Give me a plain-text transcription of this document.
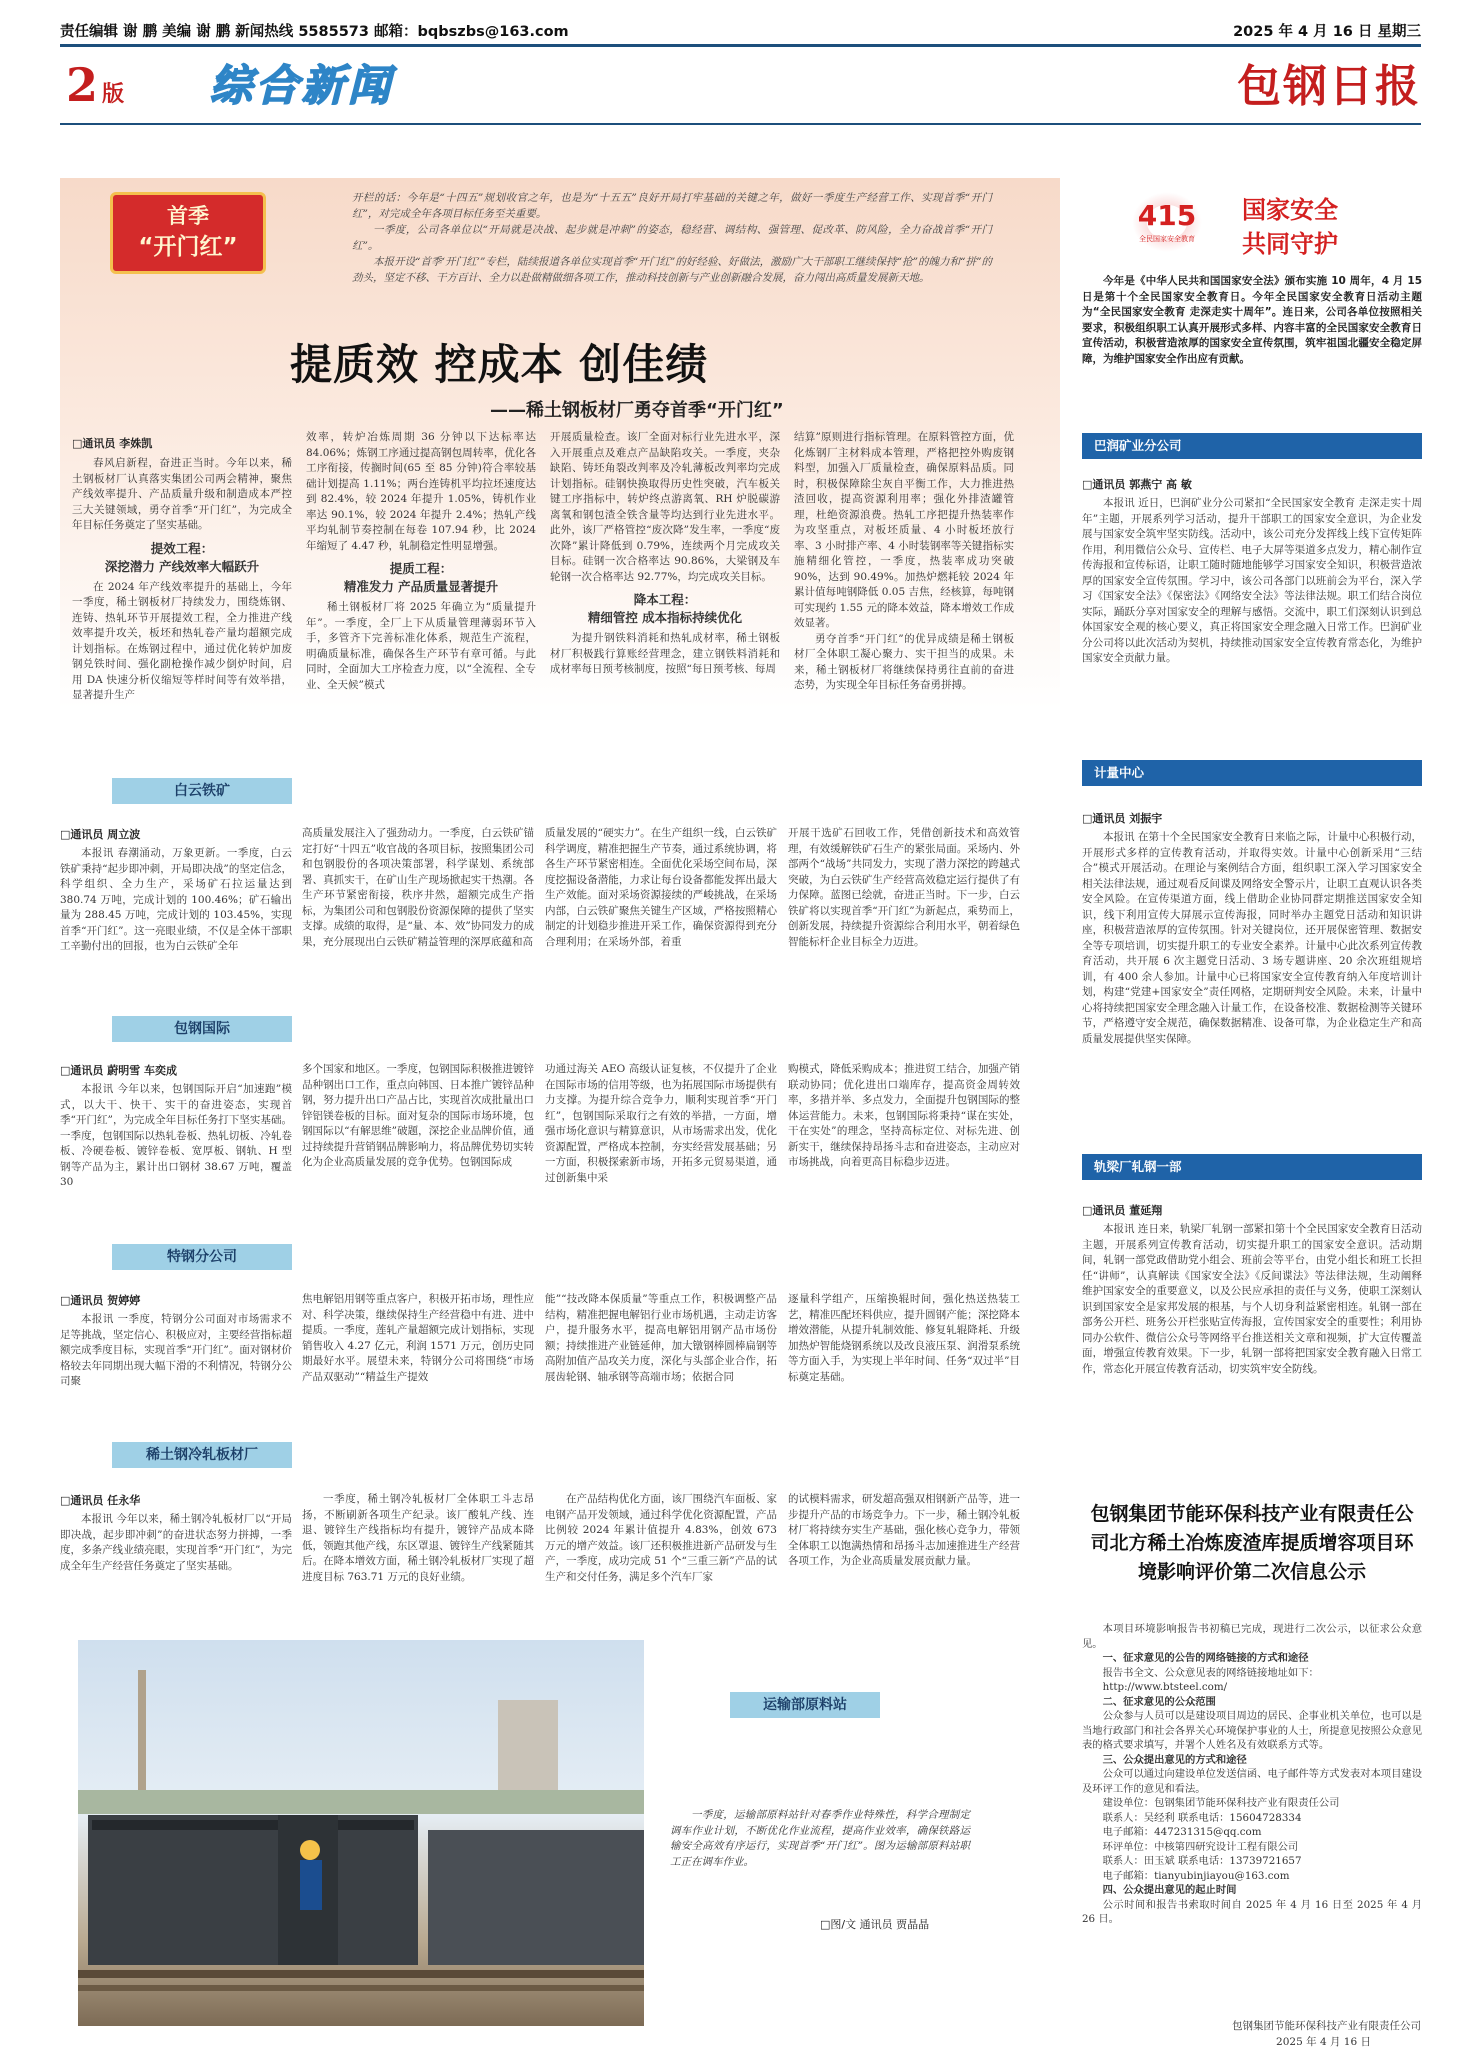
责任编辑 谢 鹏 美编 谢 鹏 新闻热线 5585573 邮箱：bqbszbs@163.com	2025 年 4 月 16 日 星期三
2 版 综合新闻	包钢日报
首季
“开门红”

开栏的话：今年是“十四五”规划收官之年，也是为“十五五”良好开局打牢基础的关键之年，做好一季度生产经营工作、实现首季“开门红”，对完成全年各项目标任务至关重要。

一季度，公司各单位以“开局就是决战、起步就是冲刺”的姿态，稳经营、调结构、强管理、促改革、防风险，全力奋战首季“开门红”。

本报开设“首季‘开门红’”专栏，陆续报道各单位实现首季“开门红”的好经验、好做法，激励广大干部职工继续保持“抢”的魄力和“拼”的劲头，坚定不移、干方百计、全力以赴做精做细各项工作，推动科技创新与产业创新融合发展，奋力闯出高质量发展新天地。

提质效 控成本 创佳绩
——稀土钢板材厂勇夺首季“开门红”
□通讯员 李姝凯

春风启新程，奋进正当时。今年以来，稀土钢板材厂认真落实集团公司两会精神，聚焦产线效率提升、产品质量升级和制造成本严控三大关键领域，勇夺首季“开门红”，为完成全年目标任务奠定了坚实基础。

提效工程：
深挖潜力 产线效率大幅跃升

在 2024 年产线效率提升的基础上，今年一季度，稀土钢板材厂持续发力，围绕炼钢、连铸、热轧环节开展提效工程，全力推进产线效率提升攻关，板坯和热轧卷产量均超额完成计划指标。在炼钢过程中，通过优化转炉加废钢兑铁时间、强化副枪操作减少倒炉时间，启用 DA 快速分析仪缩短等样时间等有效举措，显著提升生产

效率，转炉冶炼周期 36 分钟以下达标率达 84.06%；炼钢工序通过提高钢包周转率，优化各工序衔接，传搁时间(65 至 85 分钟)符合率较基础计划提高 1.11%；两台连铸机平均拉坯速度达到 82.4%，较 2024 年提升 1.05%，铸机作业率达 90.1%，较 2024 年提升 2.4%；热轧产线平均轧制节奏控制在每卷 107.94 秒，比 2024 年缩短了 4.47 秒，轧制稳定性明显增强。

提质工程：
精准发力 产品质量显著提升

稀土钢板材厂将 2025 年确立为“质量提升年”。一季度，全厂上下从质量管理薄弱环节入手，多管齐下完善标准化体系，规范生产流程，明确质量标准，确保各生产环节有章可循。与此同时，全面加大工序检查力度，以“全流程、全专业、全天候”模式

开展质量检查。该厂全面对标行业先进水平，深入开展重点及难点产品缺陷攻关。一季度，夹杂缺陷、铸坯角裂改判率及冷轧薄板改判率均完成计划指标。硅钢快换取得历史性突破，汽车板关键工序指标中，转炉终点游离氧、RH 炉脱碳游离氧和钢包渣全铁含量等均达到行业先进水平。此外，该厂严格管控“废次降”发生率，一季度“废次降”累计降低到 0.79%，连续两个月完成攻关目标。硅钢一次合格率达 90.86%，大梁钢及车轮钢一次合格率达 92.77%，均完成攻关目标。

降本工程：
精细管控 成本指标持续优化

为提升钢铁料消耗和热轧成材率，稀土钢板材厂积极践行算账经营理念，建立钢铁料消耗和成材率每日预考核制度，按照“每日预考核、每周

结算”原则进行指标管理。在原料管控方面，优化炼钢厂主材料成本管理，严格把控外购废钢料型，加强入厂质量检查，确保原料品质。同时，积极保障除尘灰自平衡工作，大力推进热渣回收，提高资源利用率；强化外排渣罐管理，杜绝资源浪费。热轧工序把提升热装率作为攻坚重点，对板坯质量、4 小时板坯放行率、3 小时排产率、4 小时装钢率等关键指标实施精细化管控，一季度，热装率成功突破 90%，达到 90.49%。加热炉燃耗较 2024 年累计值每吨钢降低 0.05 吉焦，经核算，每吨钢可实现约 1.55 元的降本效益，降本增效工作成效显著。

勇夺首季“开门红”的优异成绩是稀土钢板材厂全体职工凝心聚力、实干担当的成果。未来，稀土钢板材厂将继续保持勇往直前的奋进态势，为实现全年目标任务奋勇拼搏。

白云铁矿
□通讯员 周立波
本报讯 春潮涌动，万象更新。一季度，白云铁矿秉持“起步即冲刺，开局即决战”的坚定信念，科学组织、全力生产，采场矿石拉运量达到 380.74 万吨，完成计划的 100.46%；矿石输出量为 288.45 万吨，完成计划的 103.45%，实现首季“开门红”。这一亮眼业绩，不仅是全体干部职工辛勤付出的回报，也为白云铁矿全年
高质量发展注入了强劲动力。一季度，白云铁矿锚定打好“十四五”收官战的各项目标，按照集团公司和包钢股份的各项决策部署，科学谋划、系统部署、真抓实干，在矿山生产现场掀起实干热潮。各生产环节紧密衔接，秩序井然，超额完成生产指标，为集团公司和包钢股份资源保障的提供了坚实支撑。成绩的取得，是“量、本、效”协同发力的成果，充分展现出白云铁矿精益管理的深厚底蕴和高
质量发展的“硬实力”。在生产组织一线，白云铁矿科学调度，精准把握生产节奏，通过系统协调，将各生产环节紧密相连。全面优化采场空间布局，深度挖掘设备潜能，力求让每台设备都能发挥出最大生产效能。面对采场资源接续的严峻挑战，在采场内部，白云铁矿聚焦关键生产区域，严格按照精心制定的计划稳步推进开采工作，确保资源得到充分合理利用；在采场外部，着重
开展干选矿石回收工作，凭借创新技术和高效管理，有效缓解铁矿石生产的紧张局面。采场内、外部两个“战场”共同发力，实现了潜力深挖的跨越式突破，为白云铁矿生产经营高效稳定运行提供了有力保障。蓝图已绘就，奋进正当时。下一步，白云铁矿将以实现首季“开门红”为新起点，乘势而上，创新发展，持续提升资源综合利用水平，朝着绿色智能标杆企业目标全力迈进。
包钢国际
□通讯员 蔚明雪 车奕成
本报讯 今年以来，包钢国际开启“加速跑”模式，以大干、快干、实干的奋进姿态，实现首季“开门红”，为完成全年目标任务打下坚实基础。一季度，包钢国际以热轧卷板、热轧切板、冷轧卷板、冷硬卷板、镀锌卷板、宽厚板、钢轨、H 型钢等产品为主，累计出口钢材 38.67 万吨，覆盖 30
多个国家和地区。一季度，包钢国际积极推进镀锌品种钢出口工作，重点向韩国、日本推广镀锌品种钢，努力提升出口产品占比，实现首次成批量出口锌铝镁卷板的目标。面对复杂的国际市场环境，包钢国际以“有解思维”破题，深挖企业品牌价值，通过持续提升营销钢品牌影响力，将品牌优势切实转化为企业高质量发展的竞争优势。包钢国际成
功通过海关 AEO 高级认证复核，不仅提升了企业在国际市场的信用等级，也为拓展国际市场提供有力支撑。为提升综合竞争力，顺利实现首季“开门红”，包钢国际采取行之有效的举措，一方面，增强市场化意识与精算意识，从市场需求出发，优化资源配置，严格成本控制，夯实经营发展基础；另一方面，积极探索新市场，开拓多元贸易渠道，通过创新集中采
购模式，降低采购成本；推进贸工结合，加强产销联动协同；优化进出口端库存，提高资金周转效率，多措并举、多点发力，全面提升包钢国际的整体运营能力。未来，包钢国际将秉持“谋在实处，干在实处”的理念，坚持高标定位、对标先进、创新实干，继续保持昂扬斗志和奋进姿态，主动应对市场挑战，向着更高目标稳步迈进。
特钢分公司
□通讯员 贺婷婷
本报讯 一季度，特钢分公司面对市场需求不足等挑战，坚定信心、积极应对，主要经营指标超额完成季度目标，实现首季“开门红”。面对钢材价格较去年同期出现大幅下滑的不利情况，特钢分公司聚
焦电解铝用钢等重点客户，积极开拓市场，理性应对、科学决策，继续保持生产经营稳中有进、进中提质。一季度，莲轧产量超额完成计划指标，实现销售收入 4.27 亿元，利润 1571 万元，创历史同期最好水平。展望未来，特钢分公司将围绕“市场产品双驱动”“精益生产提效
能”“技改降本保质量”等重点工作，积极调整产品结构，精准把握电解铝行业市场机遇，主动走访客户，提升服务水平，提高电解铝用钢产品市场份额；持续推进产业链延伸，加大镦钢棒圆棒扁钢等高附加值产品攻关力度，深化与头部企业合作，拓展齿轮钢、轴承钢等高端市场；依据合同
逐量科学组产，压缩换辊时间，强化热送热装工艺，精准匹配坯料供应，提升圆钢产能；深挖降本增效潜能，从提升轧制效能、修复轧辊降耗、升级加热炉智能烧钢系统以及改良液压泵、润滑泵系统等方面入手，为实现上半年时间、任务“双过半”目标奠定基础。
稀土钢冷轧板材厂
□通讯员 任永华
本报讯 今年以来，稀土钢冷轧板材厂以“开局即决战，起步即冲刺”的奋进状态努力拼搏，一季度，多条产线业绩亮眼，实现首季“开门红”，为完成全年生产经营任务奠定了坚实基础。
一季度，稀土钢冷轧板材厂全体职工斗志昂扬，不断刷新各项生产纪录。该厂酸轧产线、连退、镀锌生产线指标均有提升，镀锌产品成本降低，领跑其他产线，东区罩退、镀锌生产线紧随其后。在降本增效方面，稀土钢冷轧板材厂实现了超进度目标 763.71 万元的良好业绩。
在产品结构优化方面，该厂围绕汽车面板、家电钢产品开发领域，通过科学优化资源配置，产品比例较 2024 年累计值提升 4.83%，创效 673 万元的增产效益。该厂还积极推进新产品研发与生产，一季度，成功完成 51 个“三重三新”产品的试生产和交付任务，满足多个汽车厂家
的试模料需求，研发超高强双相钢新产品等，进一步提升产品的市场竞争力。下一步，稀土钢冷轧板材厂将持续夯实生产基础，强化核心竞争力，带领全体职工以饱满热情和昂扬斗志加速推进生产经营各项工作，为企业高质量发展贡献力量。
运输部原料站
一季度，运输部原料站针对春季作业特殊性，科学合理制定调车作业计划，不断优化作业流程，提高作业效率，确保铁路运输安全高效有序运行，实现首季“开门红”。图为运输部原料站职工正在调车作业。
□图/文 通讯员 贾晶晶
415
全民国家安全教育
国家安全
共同守护
今年是《中华人民共和国国家安全法》颁布实施 10 周年，4 月 15 日是第十个全民国家安全教育日。今年全民国家安全教育日活动主题为“全民国家安全教育 走深走实十周年”。连日来，公司各单位按照相关要求，积极组织职工认真开展形式多样、内容丰富的全民国家安全教育日宣传活动，积极营造浓厚的国家安全宣传氛围，筑牢祖国北疆安全稳定屏障，为维护国家安全作出应有贡献。
巴润矿业分公司
□通讯员 郭燕宁 高 敏
本报讯 近日，巴润矿业分公司紧扣“全民国家安全教育 走深走实十周年”主题，开展系列学习活动，提升干部职工的国家安全意识，为企业发展与国家安全筑牢坚实防线。活动中，该公司充分发挥线上线下宣传矩阵作用，利用微信公众号、宣传栏、电子大屏等渠道多点发力，精心制作宣传海报和宣传标语，让职工随时随地能够学习国家安全知识，积极营造浓厚的国家安全宣传氛围。学习中，该公司各部门以班前会为平台，深入学习《国家安全法》《保密法》《网络安全法》等法律法规。职工们结合岗位实际，踊跃分享对国家安全的理解与感悟。交流中，职工们深刻认识到总体国家安全观的核心要义，真正将国家安全理念融入日常工作。巴润矿业分公司将以此次活动为契机，持续推动国家安全宣传教育常态化，为维护国家安全贡献力量。
计量中心
□通讯员 刘振宇
本报讯 在第十个全民国家安全教育日来临之际，计量中心积极行动，开展形式多样的宣传教育活动，并取得实效。计量中心创新采用“三结合”模式开展活动。在理论与案例结合方面，组织职工深入学习国家安全相关法律法规，通过观看反间谍及网络安全警示片，让职工直观认识各类安全风险。在宣传渠道方面，线上借助企业协同群定期推送国家安全知识，线下利用宣传大屏展示宣传海报，同时举办主题党日活动和知识讲座，积极营造浓厚的宣传氛围。针对关键岗位，还开展保密管理、数据安全等专项培训，切实提升职工的专业安全素养。计量中心此次系列宣传教育活动，共开展 6 次主题党日活动、3 场专题讲座、20 余次班组规培训，有 400 余人参加。计量中心已将国家安全宣传教育纳入年度培训计划，构建“党建+国家安全”责任网格，定期研判安全风险。未来，计量中心将持续把国家安全理念融入计量工作，在设备校准、数据检测等关键环节，严格遵守安全规范，确保数据精准、设备可靠，为企业稳定生产和高质量发展提供坚实保障。
轨梁厂轧钢一部
□通讯员 董延翔
本报讯 连日来，轨梁厂轧钢一部紧扣第十个全民国家安全教育日活动主题，开展系列宣传教育活动，切实提升职工的国家安全意识。活动期间，轧钢一部党政借助党小组会、班前会等平台，由党小组长和班工长担任“讲师”，认真解读《国家安全法》《反间谍法》等法律法规，生动阐释维护国家安全的重要意义，以及公民应承担的责任与义务，使职工深刻认识到国家安全是家邦发展的根基，与个人切身利益紧密相连。轧钢一部在部务公开栏、班务公开栏张贴宣传海报，宣传国家安全的重要性；利用协同办公软件、微信公众号等网络平台推送相关文章和视频，扩大宣传覆盖面，增强宣传教育效果。下一步，轧钢一部将把国家安全教育融入日常工作，常态化开展宣传教育活动，切实筑牢安全防线。
包钢集团节能环保科技产业有限责任公司北方稀土冶炼废渣库提质增容项目环境影响评价第二次信息公示

本项目环境影响报告书初稿已完成，现进行二次公示，以征求公众意见。

一、征求意见的公告的网络链接的方式和途径

报告书全文、公众意见表的网络链接地址如下：

http://www.btsteel.com/

二、征求意见的公众范围

公众参与人员可以是建设项目周边的居民、企事业机关单位，也可以是当地行政部门和社会各界关心环境保护事业的人士，所提意见按照公众意见表的格式要求填写，并署个人姓名及有效联系方式等。

三、公众提出意见的方式和途径

公众可以通过向建设单位发送信函、电子邮件等方式发表对本项目建设及环评工作的意见和看法。

建设单位：包钢集团节能环保科技产业有限责任公司

联系人：吴经利 联系电话：15604728334

电子邮箱：447231315@qq.com

环评单位：中核第四研究设计工程有限公司

联系人：田玉斌 联系电话：13739721657

电子邮箱：tianyubinjiayou@163.com

四、公众提出意见的起止时间

公示时间和报告书索取时间自 2025 年 4 月 16 日至 2025 年 4 月 26 日。

包钢集团节能环保科技产业有限责任公司
2025 年 4 月 16 日
